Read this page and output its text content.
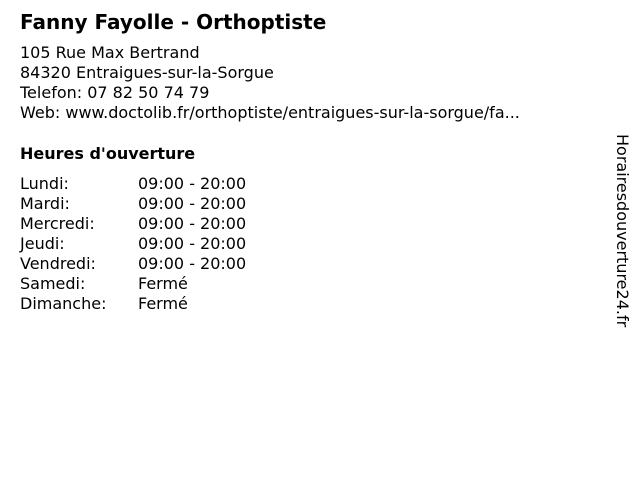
Fanny Fayolle - Orthoptiste
105 Rue Max Bertrand
84320 Entraigues-sur-la-Sorgue
Telefon: 07 82 50 74 79
Web: www.doctolib.fr/orthoptiste/entraigues-sur-la-sorgue/fa...
Heures d'ouverture
Lundi:	09:00 - 20:00
Mardi:	09:00 - 20:00
Mercredi:	09:00 - 20:00
Jeudi:	09:00 - 20:00
Vendredi:	09:00 - 20:00
Samedi:	Fermé
Dimanche:	Fermé	Horairesdouverture24.fr
